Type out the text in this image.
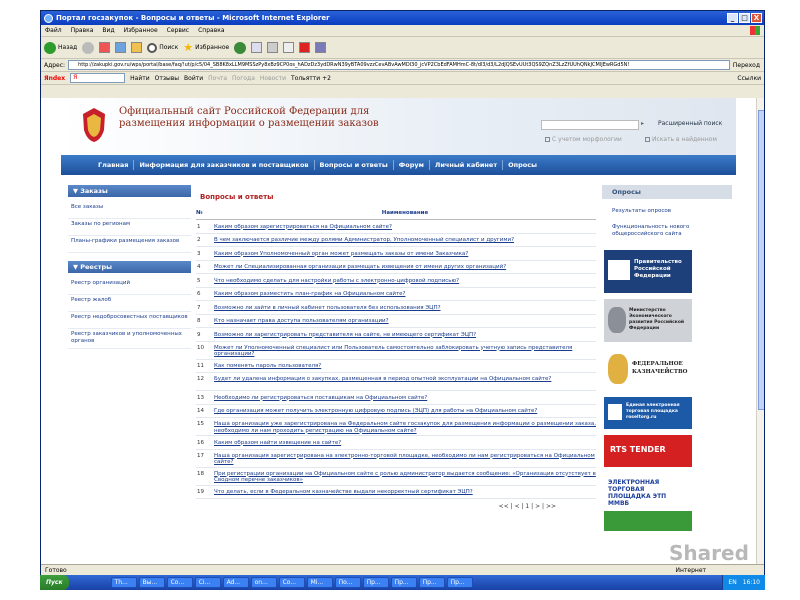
Портал госзакупок - Вопросы и ответы - Microsoft Internet Explorer	_ □ X
Файл Правка Вид Избранное Сервис Справка
Назад	Поиск ★ Избранное
Адрес:	http://zakupki.gov.ru/wps/portal/base/faq/!ut/p/c5/04_SB8K8xLLM9MSSzPy8xBz9CP0os_hADzDz3ydDRwN39yBTA09vzzCevABvAwMDI30_jcVP2CbEdFAMHmC-8t/dl3/d3/L2dJQSEvUUt3QS9ZQnZ3LzZfUUhQNkJCMlJEwRGd5N!	Переход
Яndex	Я	Найти Отзывы Войти Почта Погода Новости Тольятти +2	Ссылки
Официальный сайт Российской Федерации для размещения информации о размещении заказов	▸	Расширенный поиск
С учетом морфологии	Искать в найденном
Главная	Информация для заказчиков и поставщиков	Вопросы и ответы	Форум	Личный кабинет	Опросы
▼ Заказы
Все заказы
Заказы по регионам
Планы-графики размещения заказов
▼ Реестры
Реестр организаций
Реестр жалоб
Реестр недобросовестных поставщиков
Реестр заказчиков и уполномоченных органов
Вопросы и ответы
№	Наименование
1	Каким образом зарегистрироваться на Официальном сайте?
2	В чем заключается различие между ролями Администратор, Уполномоченный специалист и другими?
3	Каким образом Уполномоченный орган может размещать заказы от имени Заказчика?
4	Может ли Специализированная организация размещать извещения от имени других организаций?
5	Что необходимо сделать для настройки работы с электронно-цифровой подписью?
6	Каким образом разместить план-график на Официальном сайте?
7	Возможно ли зайти в личный кабинет пользователя без использования ЭЦП?
8	Кто назначает права доступа пользователям организации?
9	Возможно ли зарегистрировать представителя на сайте, не имеющего сертификат ЭЦП?
10	Может ли Уполномоченный специалист или Пользователь самостоятельно заблокировать учетную запись представителя организации?
11	Как поменять пароль пользователя?
12	Будет ли удалена информация о закупках, размещенная в период опытной эксплуатации на Официальном сайте?
13	Необходимо ли регистрироваться поставщикам на Официальном сайте?
14	Где организация может получить электронную цифровую подпись (ЭЦП) для работы на Официальном сайте?
15	Наша организация уже зарегистрирована на Федеральном сайте госзакупок для размещения информации о размещении заказа, необходимо ли нам проходить регистрацию на Официальном сайте?
16	Каким образом найти извещение на сайте?
17	Наша организация зарегистрирована на электронно-торговой площадке, необходимо ли нам регистрироваться на Официальном сайте?
18	При регистрации организации на Официальном сайте с ролью администратор выдается сообщение: «Организация отсутствует в Сводном перечне заказчиков»
19	Что делать, если в Федеральном казначействе выдали некорректный сертификат ЭЦП?
<< | < | 1 | > | >>
Опросы
Результаты опросов
Функциональность нового общероссийского сайта
Правительство Российской Федерации
Министерство Экономического развития Российской Федерации
ФЕДЕРАЛЬНОЕ КАЗНАЧЕЙСТВО
Единая электронная торговая площадка roseltorg.ru
RTS TENDER
ЭЛЕКТРОННАЯ ТОРГОВАЯ ПЛОЩАДКА ЭТП ММВБ
Готово	Интернет
Пуск	Th...	Вы...	Со...	Сі...	Ad...	on...	Co...	Mi...	По...	Пр...	Пр...	Пр...	Пр...	EN 16:10
Shared
